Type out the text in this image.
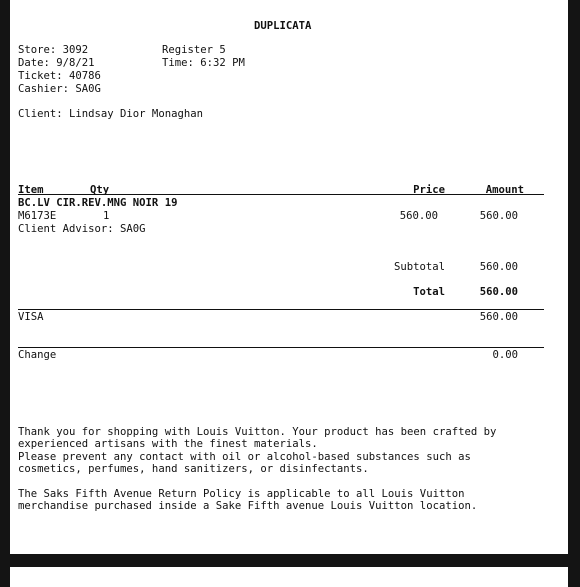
DUPLICATA
Store: 3092	Register 5
Date: 9/8/21	Time: 6:32 PM
Ticket: 40786
Cashier: SA0G
Client: Lindsay Dior Monaghan
Item	Qty	Price	Amount
BC.LV CIR.REV.MNG NOIR 19
M6173E	1	560.00	560.00
Client Advisor: SA0G
Subtotal	560.00
Total	560.00
VISA	560.00
Change	0.00
Thank you for shopping with Louis Vuitton. Your product has been crafted by
experienced artisans with the finest materials.
Please prevent any contact with oil or alcohol-based substances such as
cosmetics, perfumes, hand sanitizers, or disinfectants.
The Saks Fifth Avenue Return Policy is applicable to all Louis Vuitton
merchandise purchased inside a Sake Fifth avenue Louis Vuitton location.
